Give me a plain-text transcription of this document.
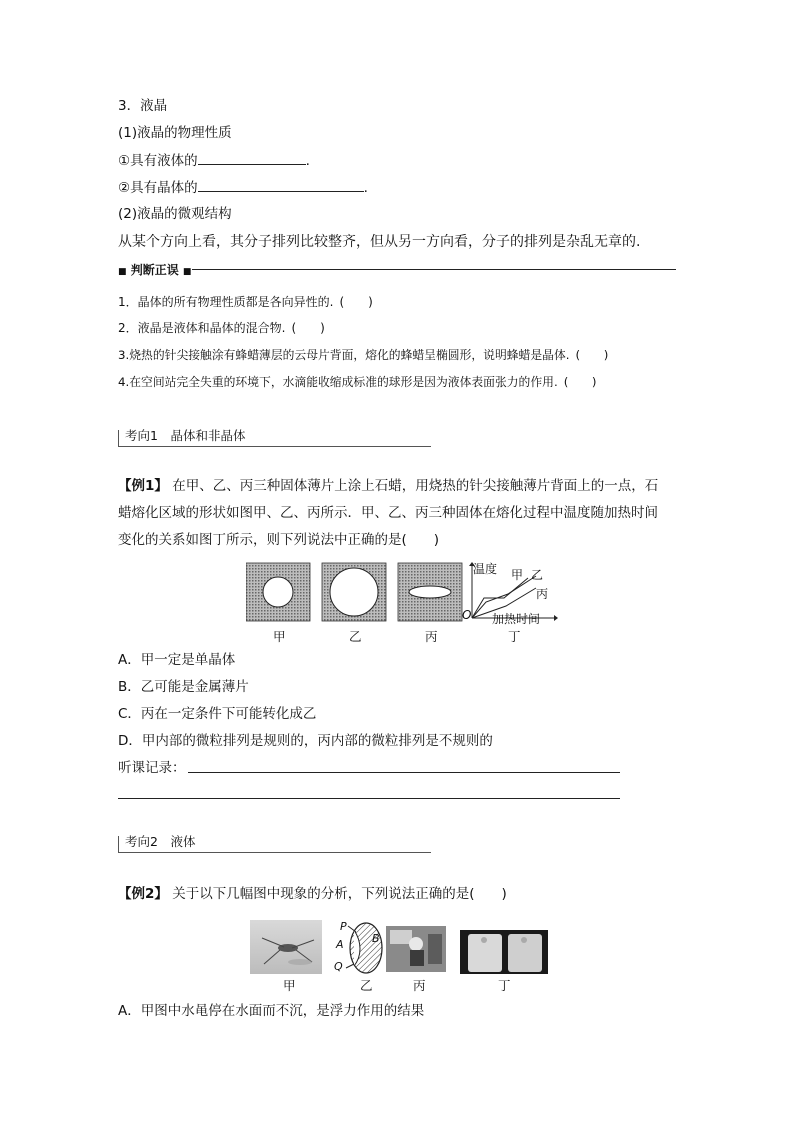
3．液晶
(1)液晶的物理性质
①具有液体的	.
②具有晶体的	.
(2)液晶的微观结构
从某个方向上看，其分子排列比较整齐，但从另一方向看，分子的排列是杂乱无章的.
■ 判断正误 ■
1．晶体的所有物理性质都是各向异性的. (　　)
2．液晶是液体和晶体的混合物. (　　)
3.烧热的针尖接触涂有蜂蜡薄层的云母片背面，熔化的蜂蜡呈椭圆形，说明蜂蜡是晶体. (　　)
4.在空间站完全失重的环境下，水滴能收缩成标准的球形是因为液体表面张力的作用. (　　)
考向1　晶体和非晶体
【例1】 在甲、乙、丙三种固体薄片上涂上石蜡，用烧热的针尖接触薄片背面上的一点，石
蜡熔化区域的形状如图甲、乙、丙所示．甲、乙、丙三种固体在熔化过程中温度随加热时间
变化的关系如图丁所示，则下列说法中正确的是(　　)
温度 甲 乙
丙
O 加热时间
甲	乙	丙	丁
A．甲一定是单晶体
B．乙可能是金属薄片
C．丙在一定条件下可能转化成乙
D．甲内部的微粒排列是规则的，丙内部的微粒排列是不规则的
听课记录：
考向2　液体
【例2】 关于以下几幅图中现象的分析，下列说法正确的是(　　)
P
A	B
Q
甲	乙	丙	丁
A．甲图中水黾停在水面而不沉，是浮力作用的结果
